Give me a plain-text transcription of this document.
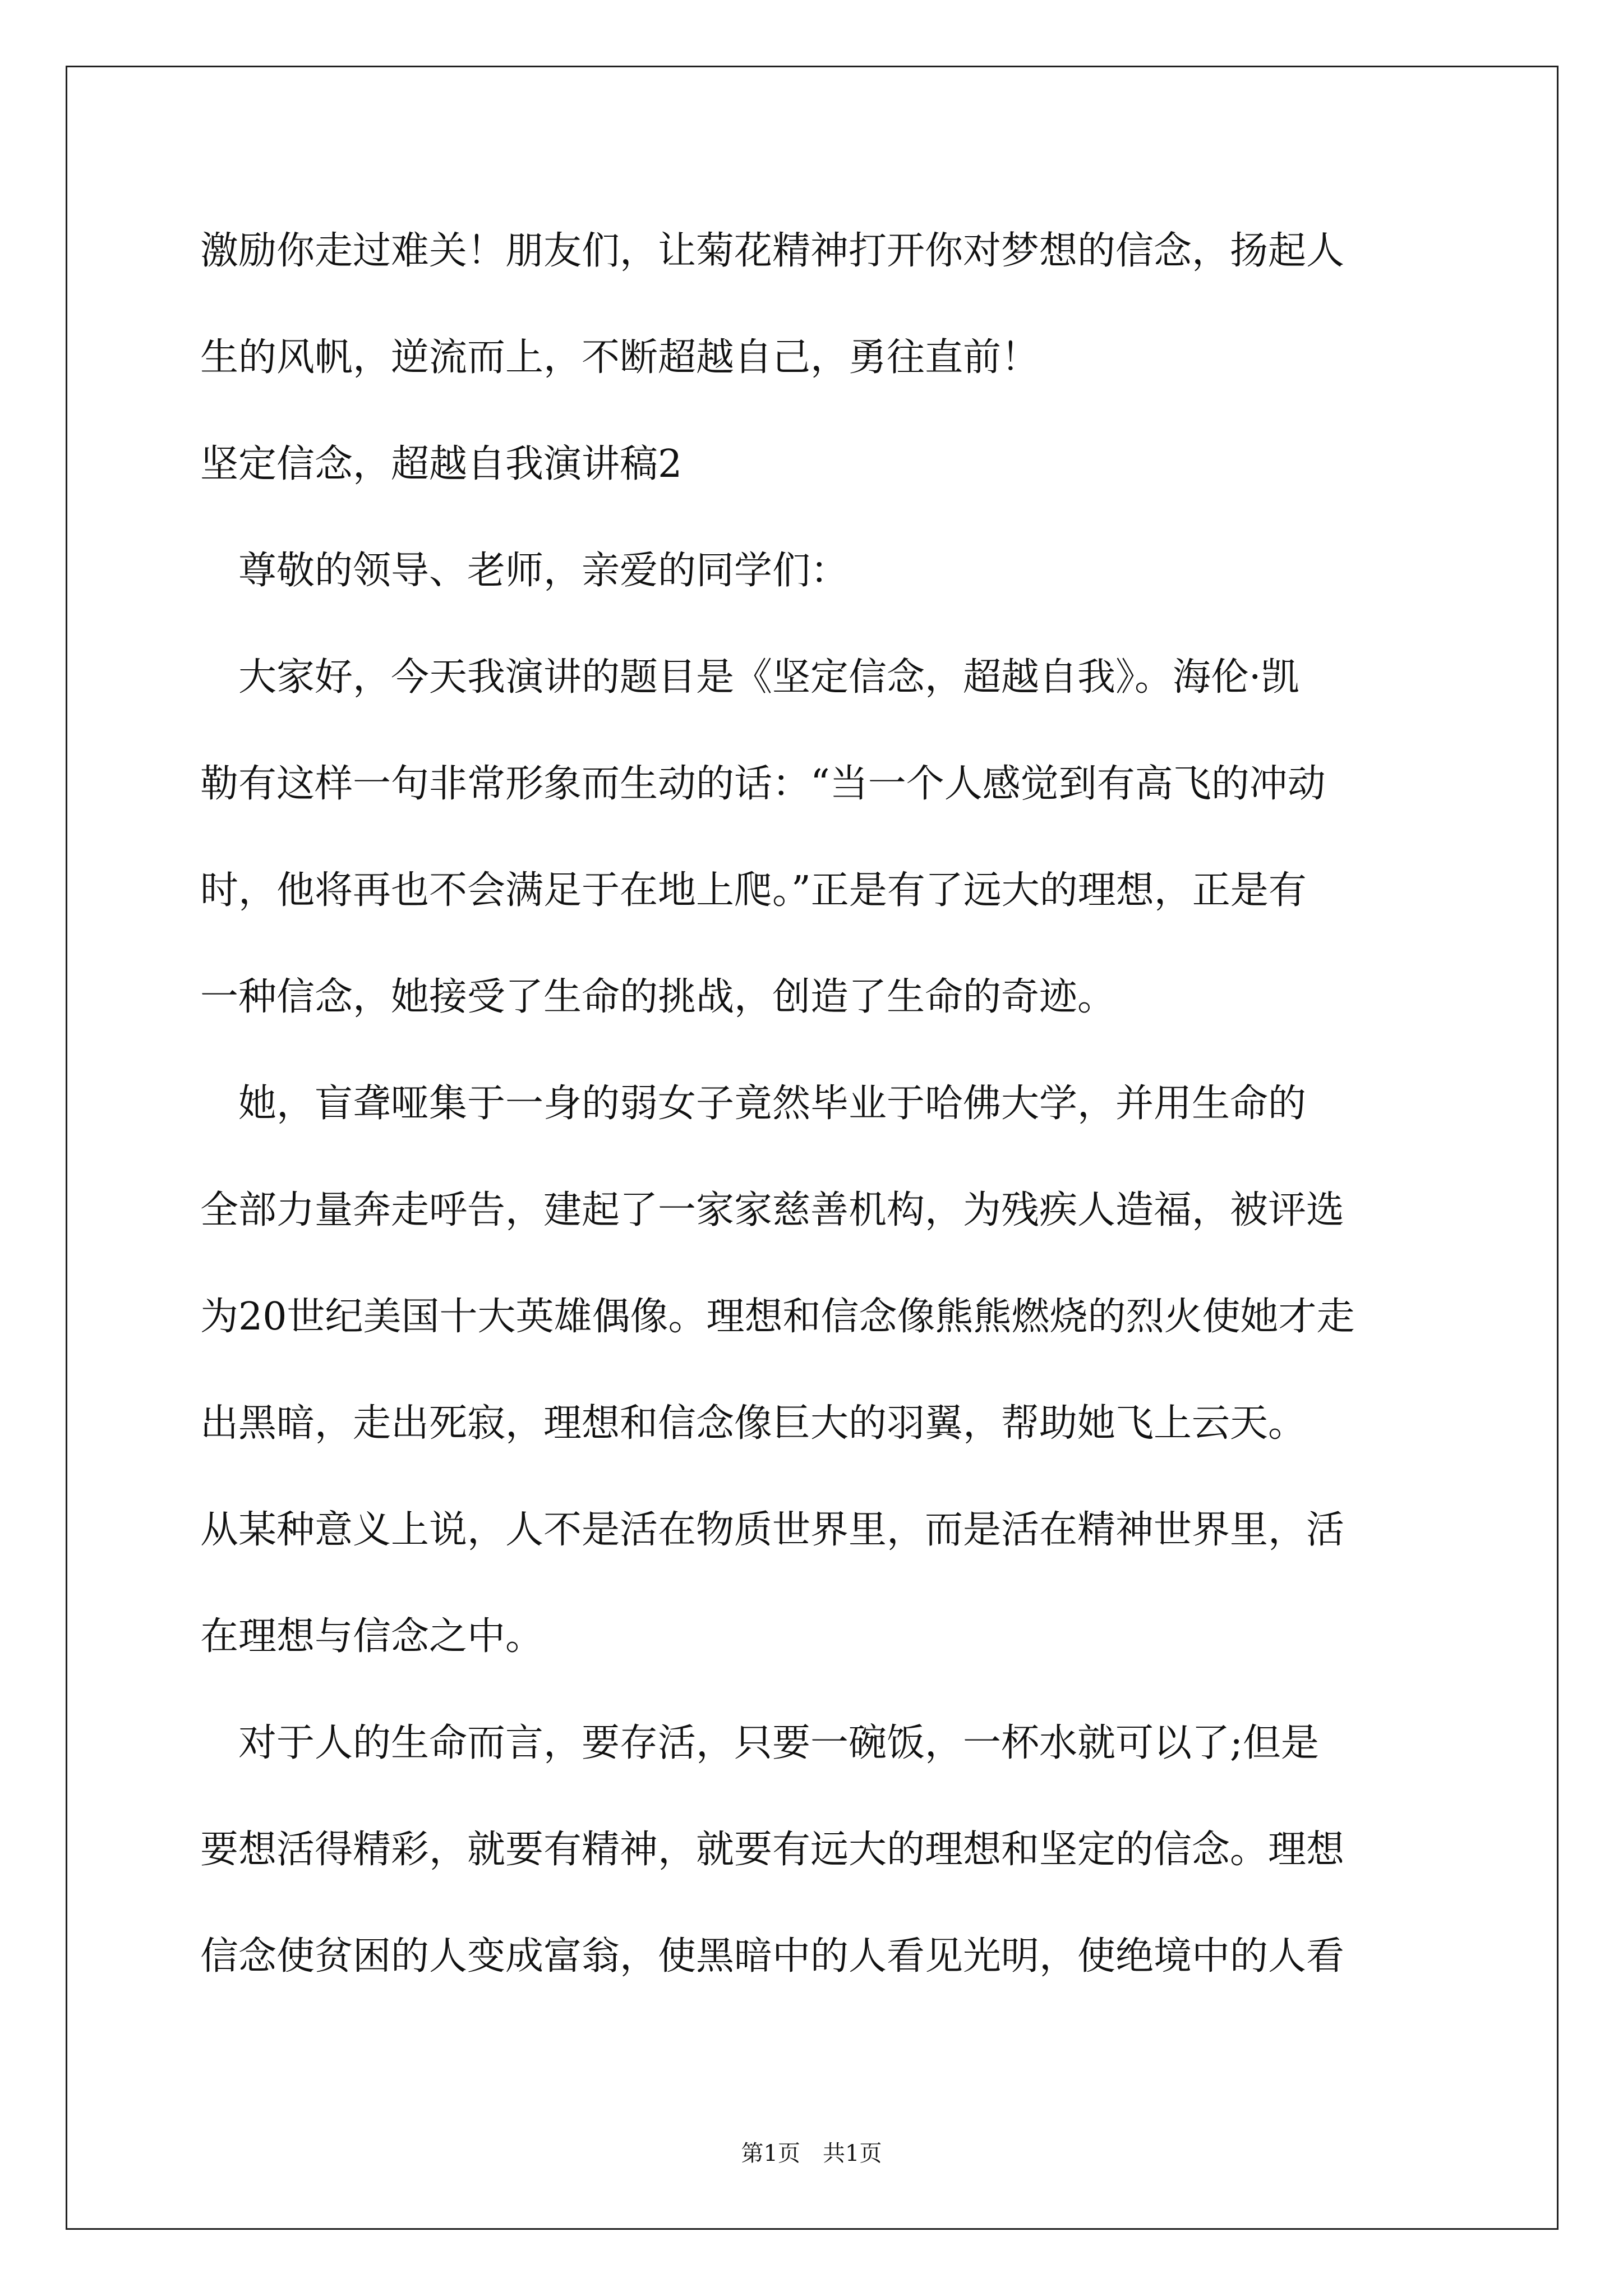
激励你走过难关！朋友们，让菊花精神打开你对梦想的信念，扬起人
生的风帆，逆流而上，不断超越自己，勇往直前！
坚定信念，超越自我演讲稿2
　尊敬的领导、老师，亲爱的同学们：
　大家好，今天我演讲的题目是《坚定信念，超越自我》。海伦·凯
勒有这样一句非常形象而生动的话：“当一个人感觉到有高飞的冲动
时，他将再也不会满足于在地上爬。”正是有了远大的理想，正是有
一种信念，她接受了生命的挑战，创造了生命的奇迹。
　她，盲聋哑集于一身的弱女子竟然毕业于哈佛大学，并用生命的
全部力量奔走呼告，建起了一家家慈善机构，为残疾人造福，被评选
为20世纪美国十大英雄偶像。理想和信念像熊熊燃烧的烈火使她才走
出黑暗，走出死寂，理想和信念像巨大的羽翼，帮助她飞上云天。
从某种意义上说，人不是活在物质世界里，而是活在精神世界里，活
在理想与信念之中。
　对于人的生命而言，要存活，只要一碗饭，一杯水就可以了;但是
要想活得精彩，就要有精神，就要有远大的理想和坚定的信念。理想
信念使贫困的人变成富翁，使黑暗中的人看见光明，使绝境中的人看
第1页　共1页
